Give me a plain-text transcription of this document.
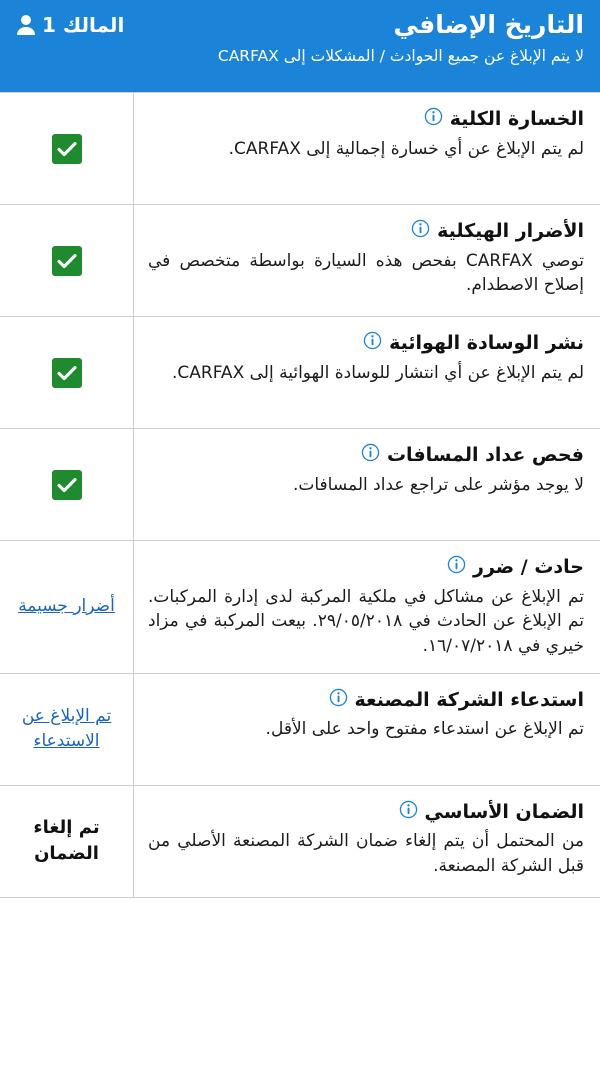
التاريخ الإضافي
المالك 1
لا يتم الإبلاغ عن جميع الحوادث / المشكلات إلى CARFAX
الخسارة الكلية
لم يتم الإبلاغ عن أي خسارة إجمالية إلى CARFAX.
الأضرار الهيكلية
توصي CARFAX بفحص هذه السيارة بواسطة متخصص في إصلاح الاصطدام.
نشر الوسادة الهوائية
لم يتم الإبلاغ عن أي انتشار للوسادة الهوائية إلى CARFAX.
فحص عداد المسافات
لا يوجد مؤشر على تراجع عداد المسافات.
حادث / ضرر
تم الإبلاغ عن مشاكل في ملكية المركبة لدى إدارة المركبات. تم الإبلاغ عن الحادث في ٢٩/٠٥/٢٠١٨. بيعت المركبة في مزاد خيري في ١٦/٠٧/٢٠١٨.
أضرار جسيمة
استدعاء الشركة المصنعة
تم الإبلاغ عن استدعاء مفتوح واحد على الأقل.
تم الإبلاغ عن الاستدعاء
الضمان الأساسي
من المحتمل أن يتم إلغاء ضمان الشركة المصنعة الأصلي من قبل الشركة المصنعة.
تم إلغاء الضمان
